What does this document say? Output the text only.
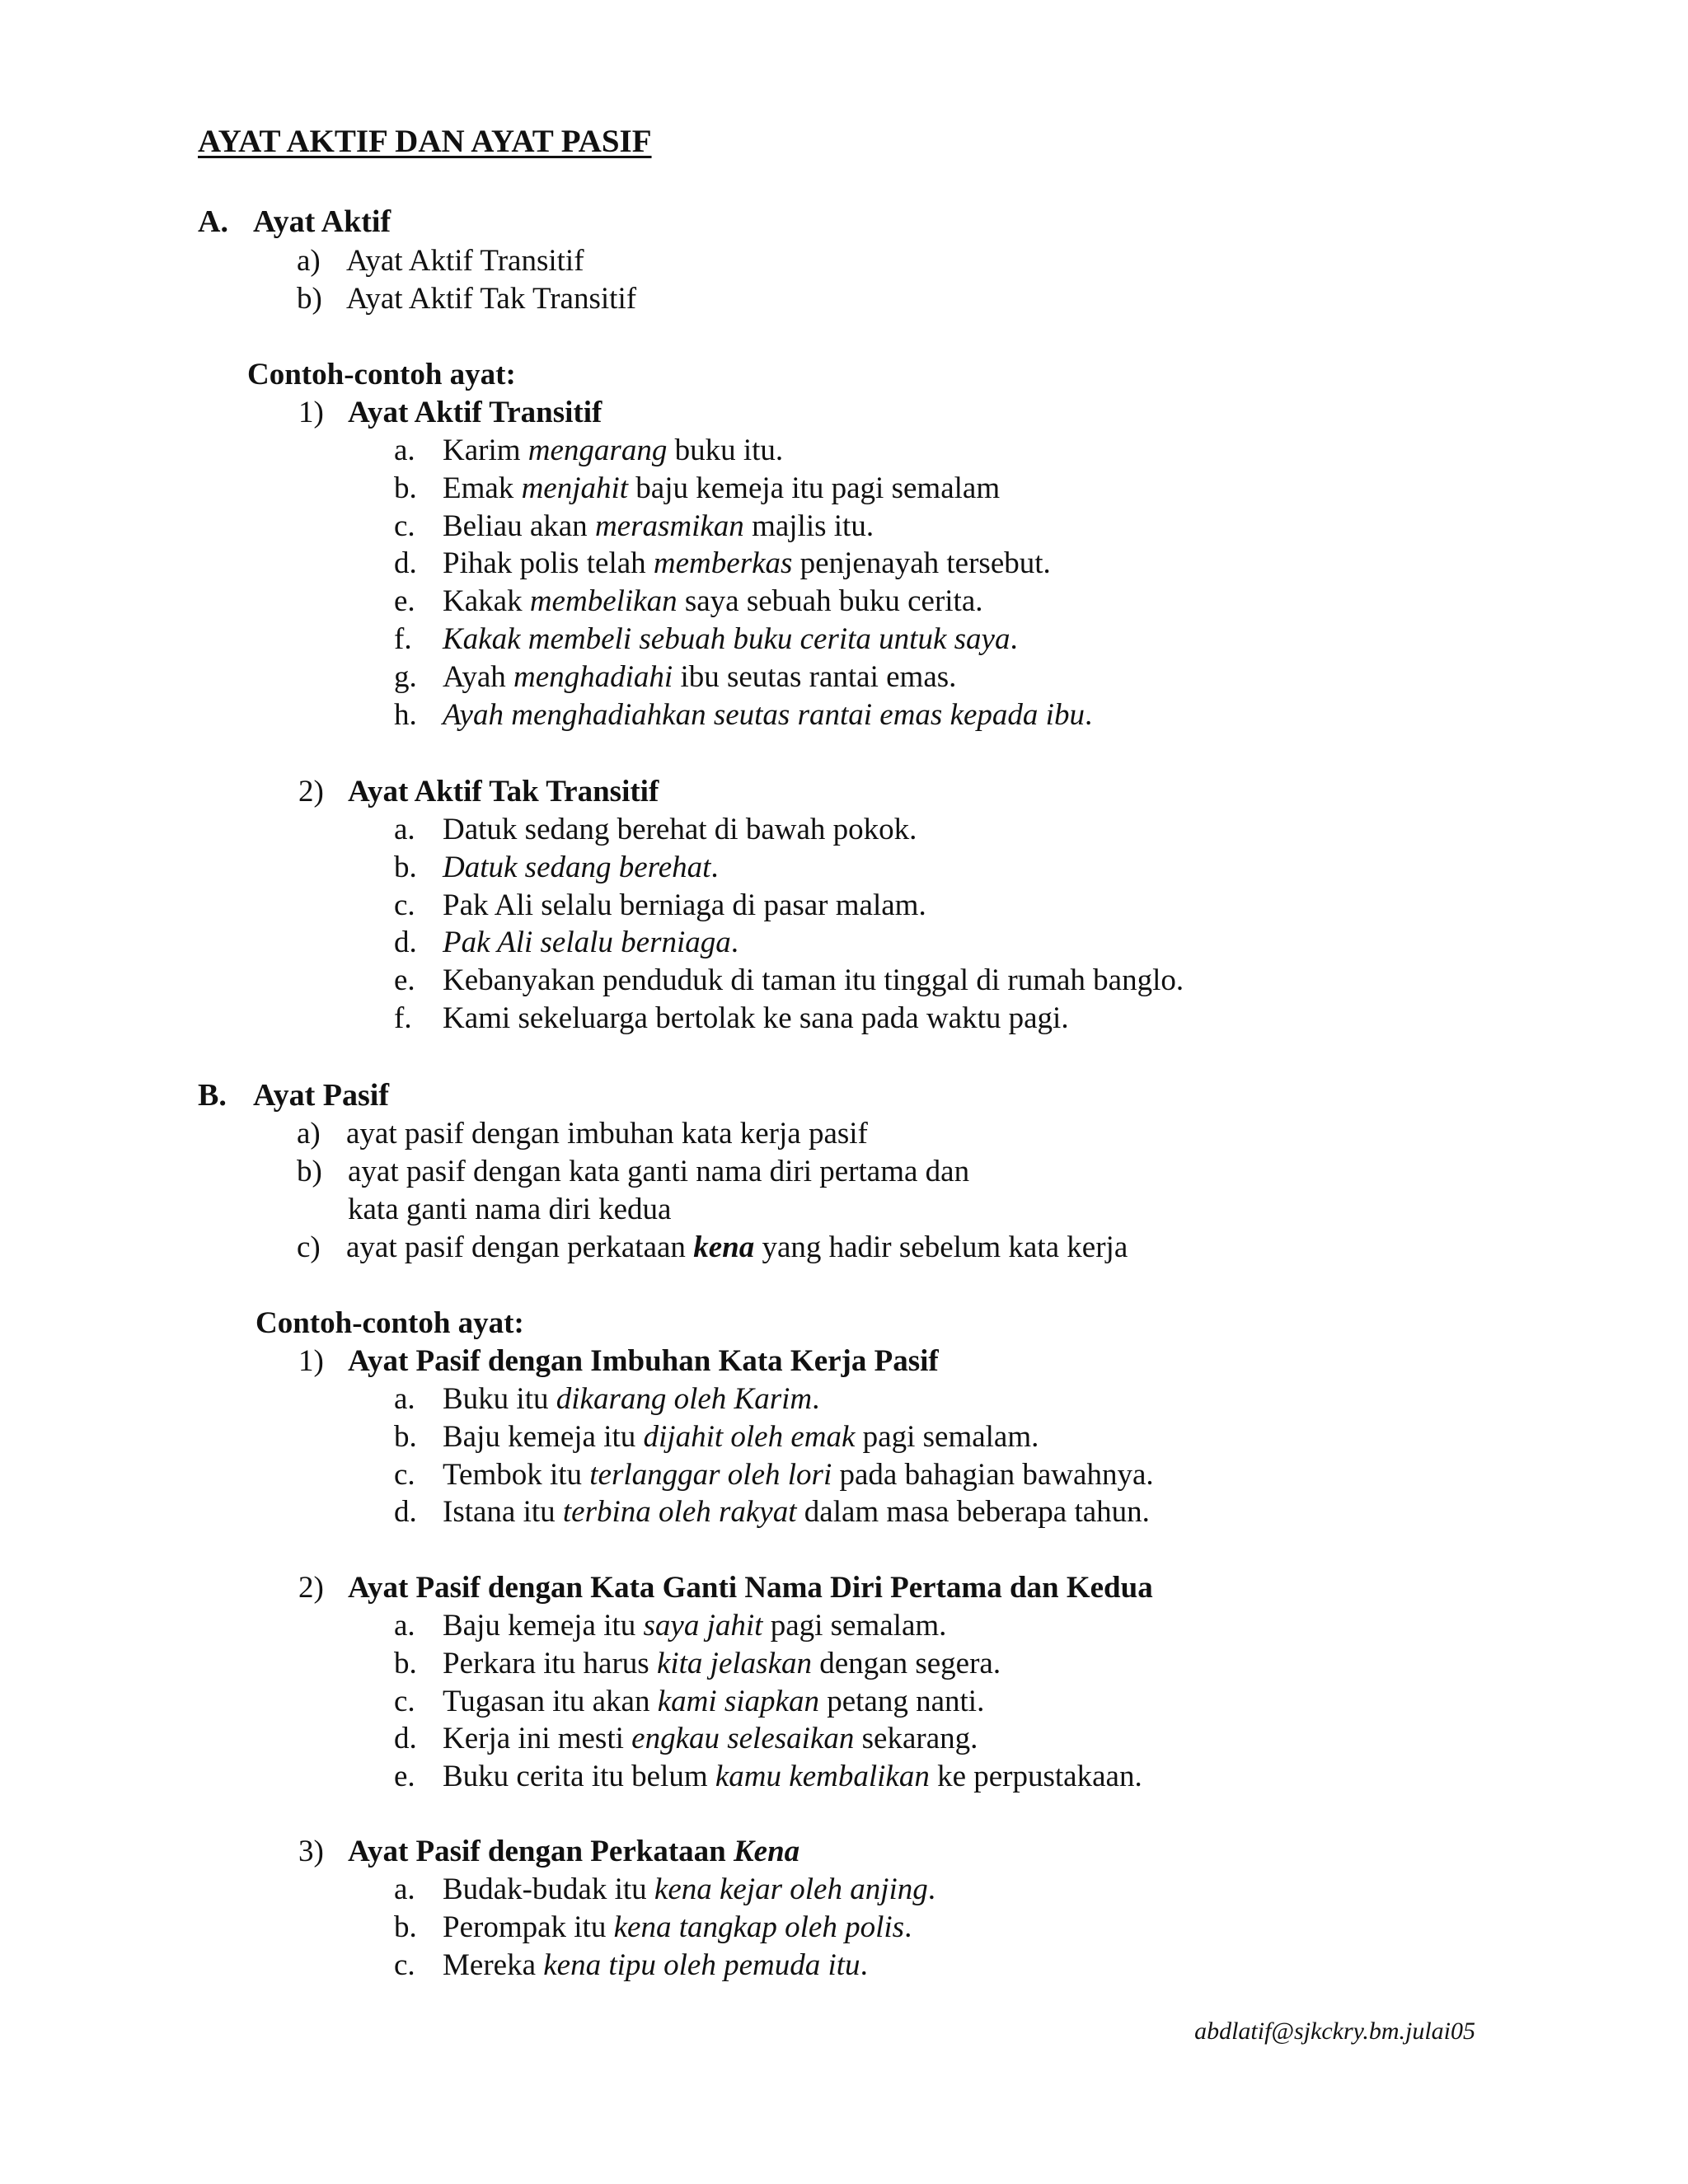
AYAT AKTIF DAN AYAT PASIF
A. Ayat Aktif
a) Ayat Aktif Transitif
b) Ayat Aktif Tak Transitif
Contoh-contoh ayat:
1) Ayat Aktif Transitif
a. Karim mengarang buku itu.
b. Emak menjahit baju kemeja itu pagi semalam
c. Beliau akan merasmikan majlis itu.
d. Pihak polis telah memberkas penjenayah tersebut.
e. Kakak membelikan saya sebuah buku cerita.
f. Kakak membeli sebuah buku cerita untuk saya.
g. Ayah menghadiahi ibu seutas rantai emas.
h. Ayah menghadiahkan seutas rantai emas kepada ibu.
2) Ayat Aktif Tak Transitif
a. Datuk sedang berehat di bawah pokok.
b. Datuk sedang berehat.
c. Pak Ali selalu berniaga di pasar malam.
d. Pak Ali selalu berniaga.
e. Kebanyakan penduduk di taman itu tinggal di rumah banglo.
f. Kami sekeluarga bertolak ke sana pada waktu pagi.
B. Ayat Pasif
a) ayat pasif dengan imbuhan kata kerja pasif
b) ayat pasif dengan kata ganti nama diri pertama dan
kata ganti nama diri kedua
c) ayat pasif dengan perkataan kena yang hadir sebelum kata kerja
Contoh-contoh ayat:
1) Ayat Pasif dengan Imbuhan Kata Kerja Pasif
a. Buku itu dikarang oleh Karim.
b. Baju kemeja itu dijahit oleh emak pagi semalam.
c. Tembok itu terlanggar oleh lori pada bahagian bawahnya.
d. Istana itu terbina oleh rakyat dalam masa beberapa tahun.
2) Ayat Pasif dengan Kata Ganti Nama Diri Pertama dan Kedua
a. Baju kemeja itu saya jahit pagi semalam.
b. Perkara itu harus kita jelaskan dengan segera.
c. Tugasan itu akan kami siapkan petang nanti.
d. Kerja ini mesti engkau selesaikan sekarang.
e. Buku cerita itu belum kamu kembalikan ke perpustakaan.
3) Ayat Pasif dengan Perkataan Kena
a. Budak-budak itu kena kejar oleh anjing.
b. Perompak itu kena tangkap oleh polis.
c. Mereka kena tipu oleh pemuda itu.
abdlatif@sjkckry.bm.julai05
